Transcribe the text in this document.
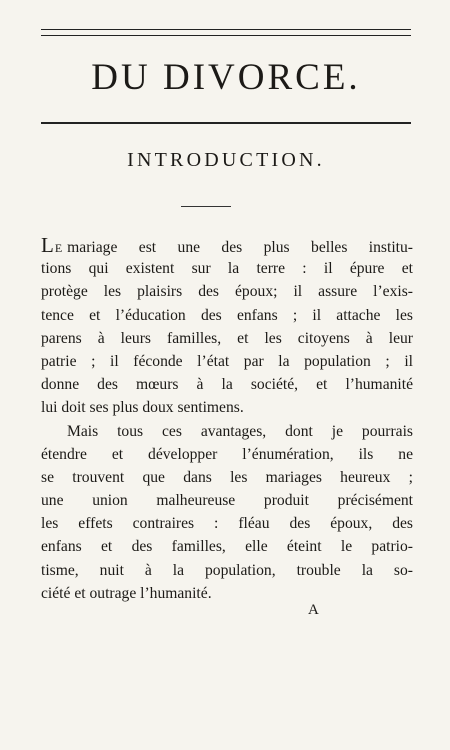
DU DIVORCE.
INTRODUCTION.
LE mariage est une des plus belles institu-
tions qui existent sur la terre : il épure et
protège les plaisirs des époux; il assure l’exis-
tence et l’éducation des enfans ; il attache les
parens à leurs familles, et les citoyens à leur
patrie ; il féconde l’état par la population ; il
donne des mœurs à la société, et l’humanité
lui doit ses plus doux sentimens.
Mais tous ces avantages, dont je pourrais
étendre et développer l’énumération, ils ne
se trouvent que dans les mariages heureux ;
une union malheureuse produit précisément
les effets contraires : fléau des époux, des
enfans et des familles, elle éteint le patrio-
tisme, nuit à la population, trouble la so-
ciété et outrage l’humanité.
A
